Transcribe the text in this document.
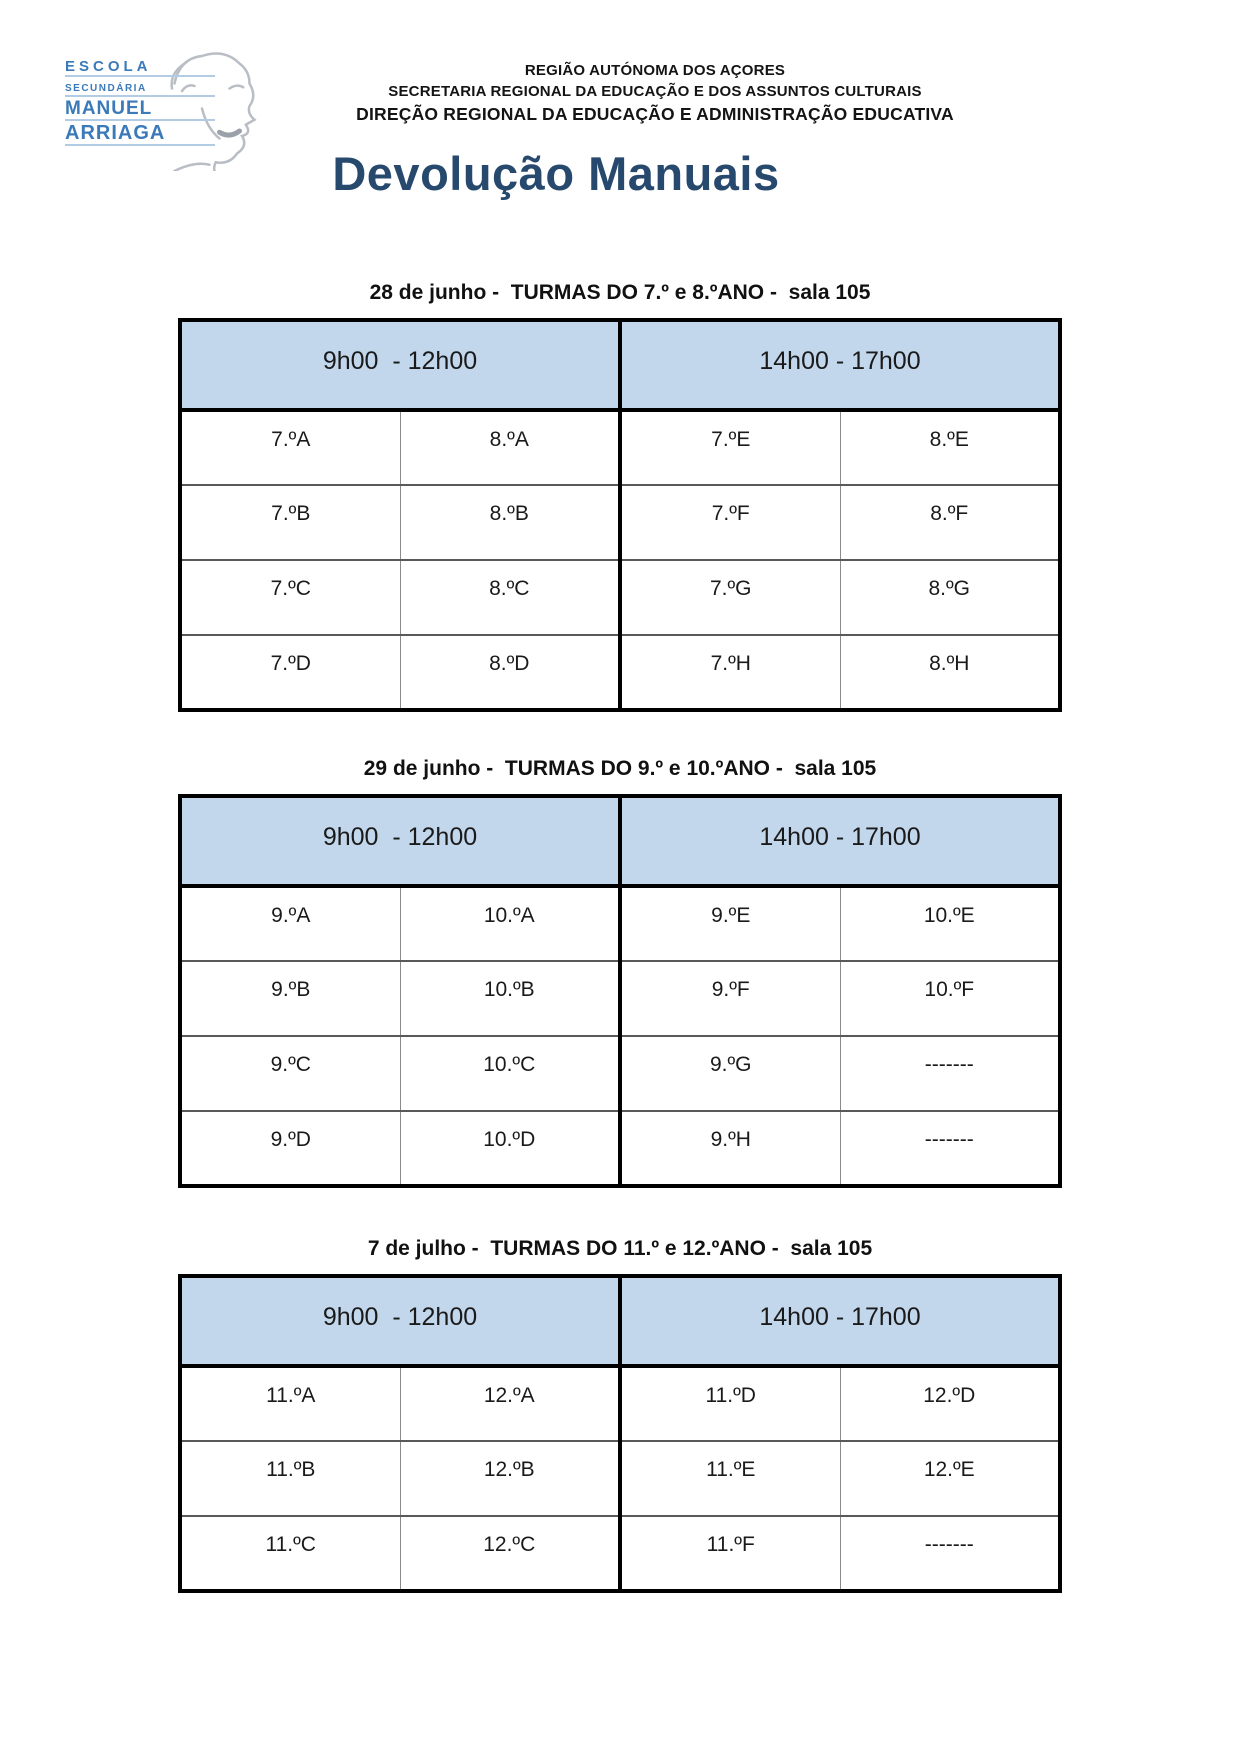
ESCOLA
SECUNDÁRIA
MANUEL
ARRIAGA
REGIÃO AUTÓNOMA DOS AÇORES
SECRETARIA REGIONAL DA EDUCAÇÃO E DOS ASSUNTOS CULTURAIS
DIREÇÃO REGIONAL DA EDUCAÇÃO E ADMINISTRAÇÃO EDUCATIVA
Devolução Manuais
28 de junho -  TURMAS DO 7.º e 8.ºANO -  sala 105
9h00  - 12h00		14h00 - 17h00	
7.ºA	8.ºA	7.ºE	8.ºE
7.ºB	8.ºB	7.ºF	8.ºF
7.ºC	8.ºC	7.ºG	8.ºG
7.ºD	8.ºD	7.ºH	8.ºH
29 de junho -  TURMAS DO 9.º e 10.ºANO -  sala 105
9h00  - 12h00		14h00 - 17h00	
9.ºA	10.ºA	9.ºE	10.ºE
9.ºB	10.ºB	9.ºF	10.ºF
9.ºC	10.ºC	9.ºG	-------
9.ºD	10.ºD	9.ºH	-------
7 de julho -  TURMAS DO 11.º e 12.ºANO -  sala 105
9h00  - 12h00		14h00 - 17h00	
11.ºA	12.ºA	11.ºD	12.ºD
11.ºB	12.ºB	11.ºE	12.ºE
11.ºC	12.ºC	11.ºF	-------
